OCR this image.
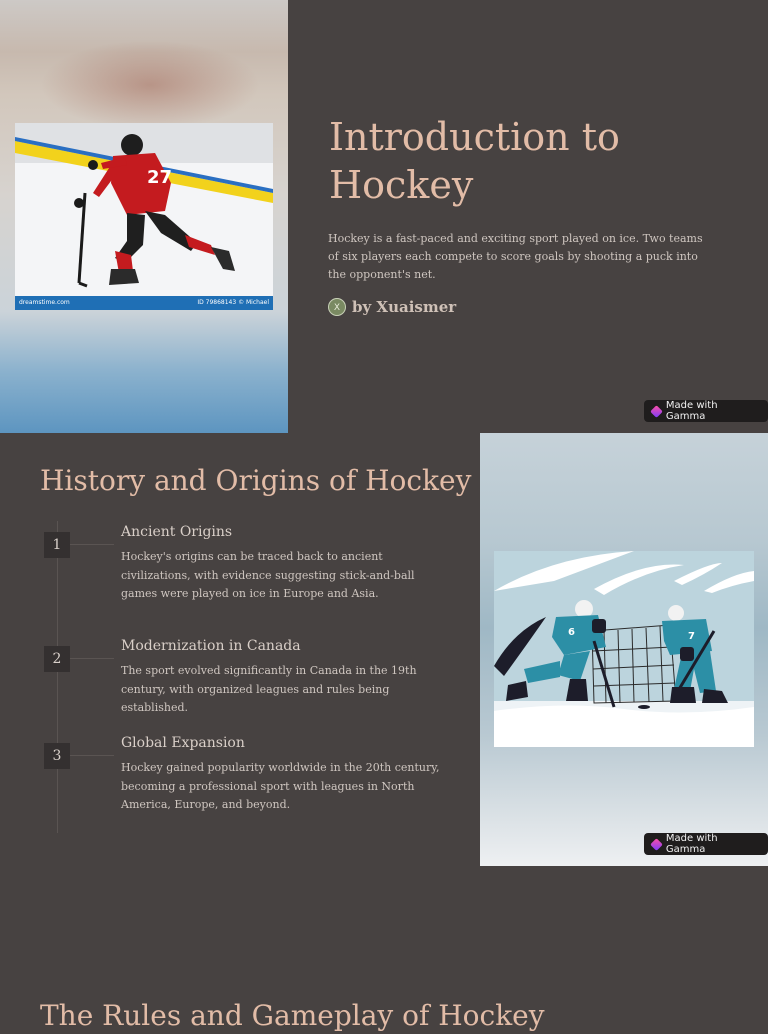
27
dreamstime.com	ID 79868143 © Michael
Introduction to Hockey

Hockey is a fast-paced and exciting sport played on ice. Two teams of six players each compete to score goals by shooting a puck into the opponent's net.

X by Xuaismer
Made with Gamma
History and Origins of Hockey
1
Ancient Origins

Hockey's origins can be traced back to ancient civilizations, with evidence suggesting stick-and-ball games were played on ice in Europe and Asia.

2
Modernization in Canada

The sport evolved significantly in Canada in the 19th century, with organized leagues and rules being established.

3
Global Expansion

Hockey gained popularity worldwide in the 20th century, becoming a professional sport with leagues in North America, Europe, and beyond.

6	7
Made with Gamma
The Rules and Gameplay of Hockey
